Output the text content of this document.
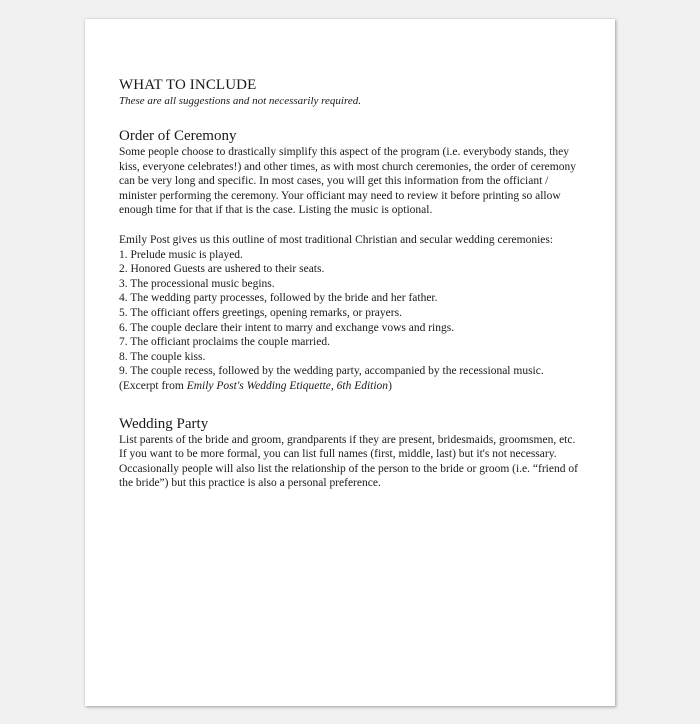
WHAT TO INCLUDE

These are all suggestions and not necessarily required.

Order of Ceremony

Some people choose to drastically simplify this aspect of the program (i.e. everybody stands, they kiss, everyone celebrates!) and other times, as with most church ceremonies, the order of ceremony can be very long and specific. In most cases, you will get this information from the officiant / minister performing the ceremony. Your officiant may need to review it before printing so allow enough time for that if that is the case. Listing the music is optional.

Emily Post gives us this outline of most traditional Christian and secular wedding ceremonies:

1. Prelude music is played.
2. Honored Guests are ushered to their seats.
3. The processional music begins.
4. The wedding party processes, followed by the bride and her father.
5. The officiant offers greetings, opening remarks, or prayers.
6. The couple declare their intent to marry and exchange vows and rings.
7. The officiant proclaims the couple married.
8. The couple kiss.
9. The couple recess, followed by the wedding party, accompanied by the recessional music.

(Excerpt from Emily Post's Wedding Etiquette, 6th Edition)

Wedding Party

List parents of the bride and groom, grandparents if they are present, bridesmaids, groomsmen, etc. If you want to be more formal, you can list full names (first, middle, last) but it's not necessary. Occasionally people will also list the relationship of the person to the bride or groom (i.e. “friend of the bride”) but this practice is also a personal preference.
